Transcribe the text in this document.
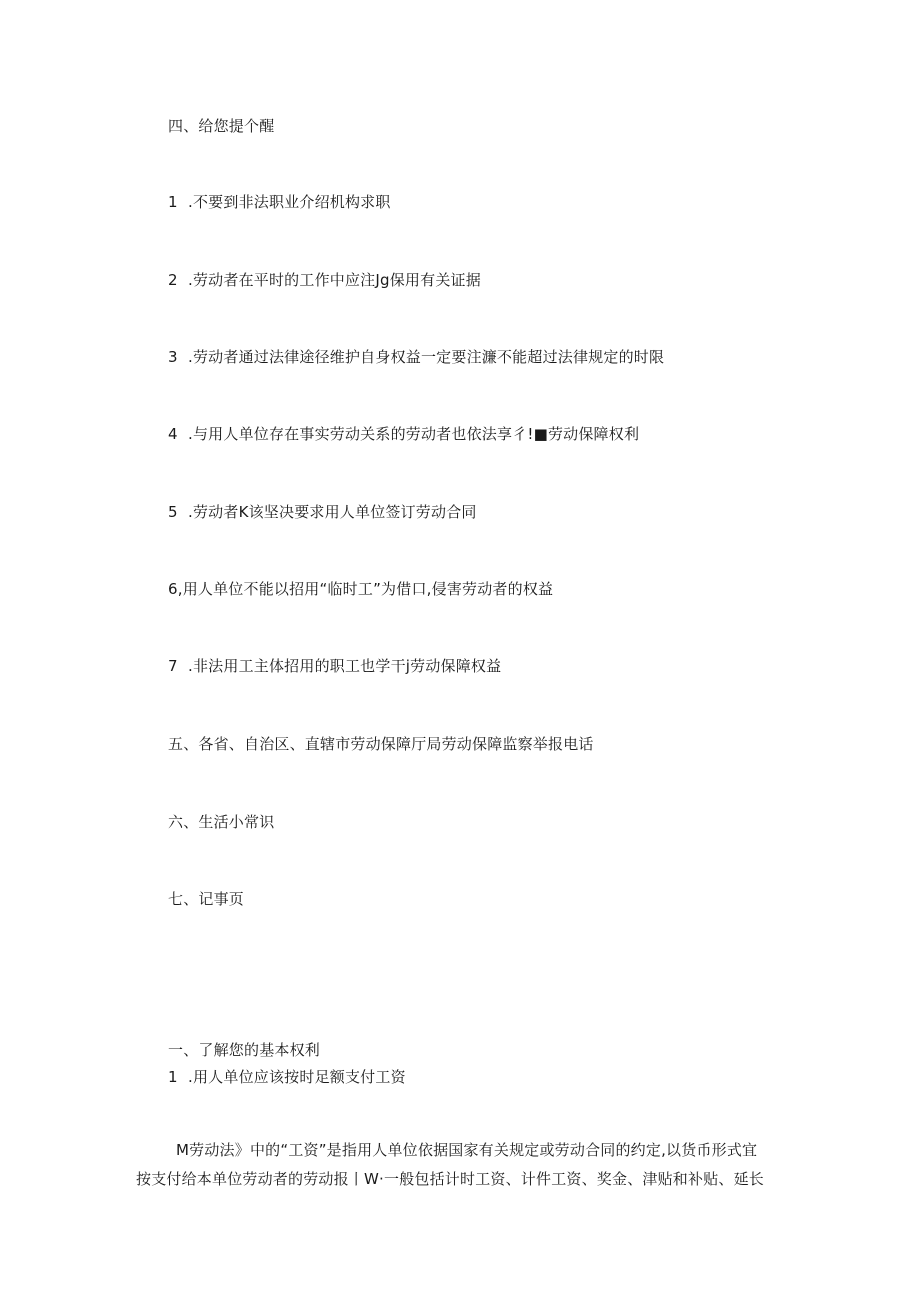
四、给您提个醒
1 .不要到非法职业介绍机构求职
2 .劳动者在平时的工作中应注Jg保用有关证据
3 .劳动者通过法律途径维护自身权益一定要注濂不能超过法律规定的时限
4 .与用人单位存在事实劳动关系的劳动者也依法享彳!■劳动保障权利
5 .劳动者K该坚决要求用人单位签订劳动合同
6,用人单位不能以招用“临时工”为借口,侵害劳动者的权益
7 .非法用工主体招用的职工也学干j劳动保障权益
五、各省、自治区、直辖市劳动保障厅局劳动保障监察举报电话
六、生活小常识
七、记事页
一、了解您的基本权利
1 .用人单位应该按时足额支付工资
M劳动法》中的“工资”是指用人单位依据国家有关规定或劳动合同的约定,以货币形式宜
按支付给本单位劳动者的劳动报丨W·一般包括计时工资、计件工资、奖金、津贴和补贴、延长
